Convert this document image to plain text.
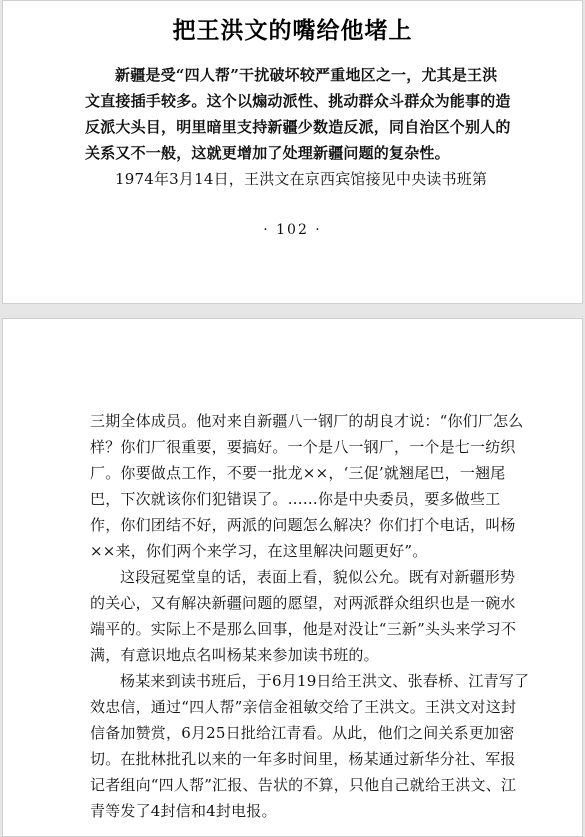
把王洪文的嘴给他堵上

新疆是受“四人帮”干扰破坏较严重地区之一，尤其是王洪文直接插手较多。这个以煽动派性、挑动群众斗群众为能事的造反派大头目，明里暗里支持新疆少数造反派，同自治区个别人的关系又不一般，这就更增加了处理新疆问题的复杂性。

1974年3月14日，王洪文在京西宾馆接见中央读书班第

· 102 ·

三期全体成员。他对来自新疆八一钢厂的胡良才说：“你们厂怎么样？你们厂很重要，要搞好。一个是八一钢厂，一个是七一纺织厂。你要做点工作，不要一批龙××，‘三促’就翘尾巴，一翘尾巴，下次就该你们犯错误了。……你是中央委员，要多做些工作，你们团结不好，两派的问题怎么解决？你们打个电话，叫杨××来，你们两个来学习，在这里解决问题更好”。

这段冠冕堂皇的话，表面上看，貌似公允。既有对新疆形势的关心，又有解决新疆问题的愿望，对两派群众组织也是一碗水端平的。实际上不是那么回事，他是对没让“三新”头头来学习不满，有意识地点名叫杨某来参加读书班的。

杨某来到读书班后，于6月19日给王洪文、张春桥、江青写了效忠信，通过“四人帮”亲信金祖敏交给了王洪文。王洪文对这封信备加赞赏，6月25日批给江青看。从此，他们之间关系更加密切。在批林批孔以来的一年多时间里，杨某通过新华分社、军报记者组向“四人帮”汇报、告状的不算，只他自己就给王洪文、江青等发了4封信和4封电报。
